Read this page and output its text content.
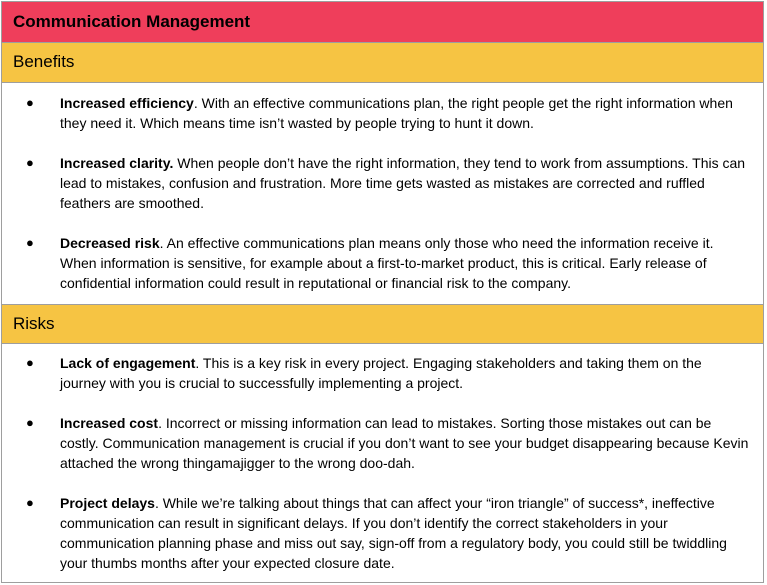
Communication Management
Benefits
● Increased efficiency. With an effective communications plan, the right people get the right information when they need it. Which means time isn’t wasted by people trying to hunt it down.
● Increased clarity. When people don’t have the right information, they tend to work from assumptions. This can lead to mistakes, confusion and frustration. More time gets wasted as mistakes are corrected and ruffled feathers are smoothed.
● Decreased risk. An effective communications plan means only those who need the information receive it. When information is sensitive, for example about a first-to-market product, this is critical. Early release of confidential information could result in reputational or financial risk to the company.
Risks
● Lack of engagement. This is a key risk in every project. Engaging stakeholders and taking them on the journey with you is crucial to successfully implementing a project.
● Increased cost. Incorrect or missing information can lead to mistakes. Sorting those mistakes out can be costly. Communication management is crucial if you don’t want to see your budget disappearing because Kevin attached the wrong thingamajigger to the wrong doo-dah.
● Project delays. While we’re talking about things that can affect your “iron triangle” of success*, ineffective communication can result in significant delays. If you don’t identify the correct stakeholders in your communication planning phase and miss out say, sign-off from a regulatory body, you could still be twiddling your thumbs months after your expected closure date.
